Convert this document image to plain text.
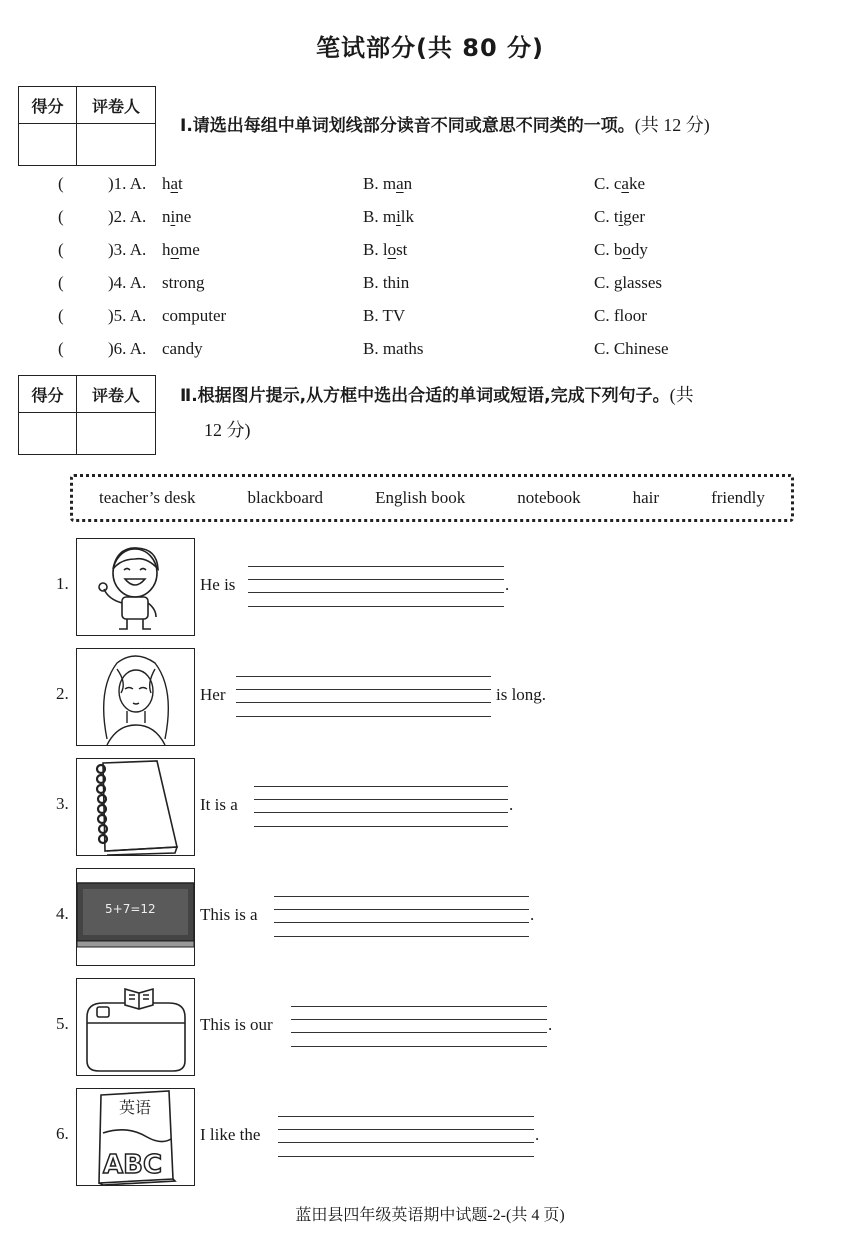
笔试部分(共 80 分)
得分	评卷人
Ⅰ.请选出每组中单词划线部分读音不同或意思不同类的一项。(共 12 分)
(	)1. A. hat	B. man	C. cake
(	)2. A. nine	B. milk	C. tiger
(	)3. A. home	B. lost	C. body
(	)4. A. strong	B. thin	C. glasses
(	)5. A. computer	B. TV	C. floor
(	)6. A. candy	B. maths	C. Chinese
得分	评卷人	Ⅱ.根据图片提示,从方框中选出合适的单词或短语,完成下列句子。(共
12 分)
teacher’s desk	blackboard	English book	notebook	hair	friendly
1.	He is	.
2.	Her	is long.
3.	It is a	.
4.	5+7=12	This is a	.
5.	This is our	.
6.
英语
ABC
I like the	.
蓝田县四年级英语期中试题-2-(共 4 页)
